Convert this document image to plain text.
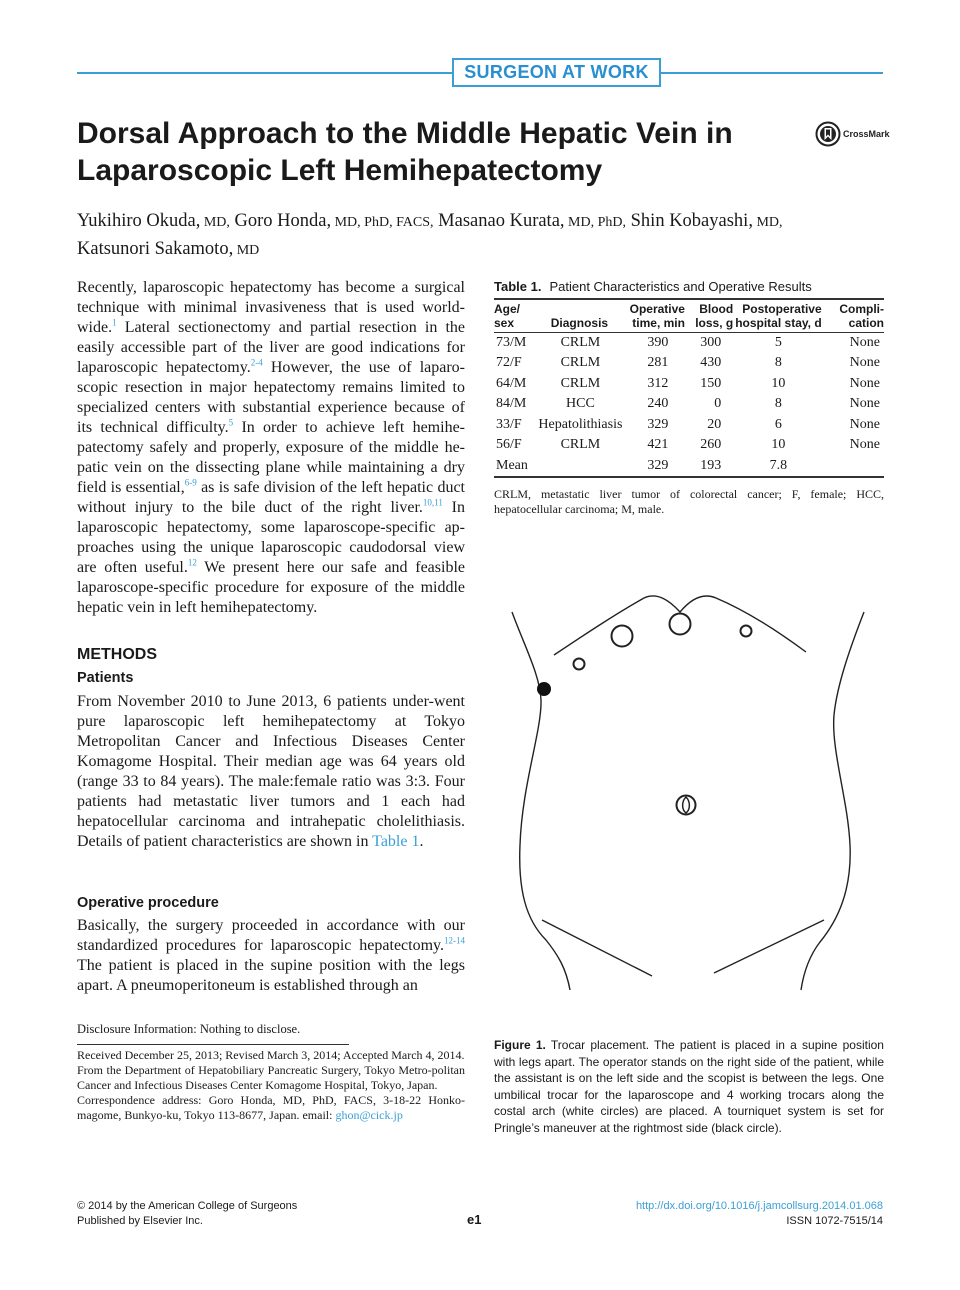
SURGEON AT WORK
Dorsal Approach to the Middle Hepatic Vein in Laparoscopic Left Hemihepatectomy
CrossMark
Yukihiro Okuda, MD, Goro Honda, MD, PhD, FACS, Masanao Kurata, MD, PhD, Shin Kobayashi, MD,
Katsunori Sakamoto, MD
Recently, laparoscopic hepatectomy has become a surgical technique with minimal invasiveness that is used world-wide.$^1$ Lateral sectionectomy and partial resection in the easily accessible part of the liver are good indications for laparoscopic hepatectomy.$^{2-4}$ However, the use of laparo-scopic resection in major hepatectomy remains limited to specialized centers with substantial experience because of its technical difficulty.$^5$ In order to achieve left hemihe-patectomy safely and properly, exposure of the middle he-patic vein on the dissecting plane while maintaining a dry field is essential,$^{6-9}$ as is safe division of the left hepatic duct without injury to the bile duct of the right liver.$^{10,11}$ In laparoscopic hepatectomy, some laparoscope-specific ap-proaches using the unique laparoscopic caudodorsal view are often useful.$^{12}$ We present here our safe and feasible laparoscope-specific procedure for exposure of the middle hepatic vein in left hemihepatectomy.
METHODS
Patients
From November 2010 to June 2013, 6 patients under-went pure laparoscopic left hemihepatectomy at Tokyo Metropolitan Cancer and Infectious Diseases Center Komagome Hospital. Their median age was 64 years old (range 33 to 84 years). The male:female ratio was 3:3. Four patients had metastatic liver tumors and 1 each had hepatocellular carcinoma and intrahepatic cholelithiasis. Details of patient characteristics are shown in Table 1.
Operative procedure
Basically, the surgery proceeded in accordance with our standardized procedures for laparoscopic hepatectomy.$^{12-14}$ The patient is placed in the supine position with the legs apart. A pneumoperitoneum is established through an
Disclosure Information: Nothing to disclose.

Received December 25, 2013; Revised March 3, 2014; Accepted March 4, 2014.

From the Department of Hepatobiliary Pancreatic Surgery, Tokyo Metro-politan Cancer and Infectious Diseases Center Komagome Hospital, Tokyo, Japan.

Correspondence address: Goro Honda, MD, PhD, FACS, 3-18-22 Honko-magome, Bunkyo-ku, Tokyo 113-8677, Japan. email: ghon@cick.jp

Table 1. Patient Characteristics and Operative Results
Age/ sex	Diagnosis	Operative time, min	Blood loss, g	Postoperative hospital stay, d	Compli-cation
73/M	CRLM	390	300	5	None
72/F	CRLM	281	430	8	None
64/M	CRLM	312	150	10	None
84/M	HCC	240	0	8	None
33/F	Hepatolithiasis	329	20	6	None
56/F	CRLM	421	260	10	None
Mean		329	193	7.8	
CRLM, metastatic liver tumor of colorectal cancer; F, female; HCC, hepatocellular carcinoma; M, male.
Figure 1. Trocar placement. The patient is placed in a supine position with legs apart. The operator stands on the right side of the patient, while the assistant is on the left side and the scopist is between the legs. One umbilical trocar for the laparoscope and 4 working trocars along the costal arch (white circles) are placed. A tourniquet system is set for Pringle’s maneuver at the rightmost side (black circle).
© 2014 by the American College of Surgeons
Published by Elsevier Inc.	e1
http://dx.doi.org/10.1016/j.jamcollsurg.2014.01.068
ISSN 1072-7515/14
